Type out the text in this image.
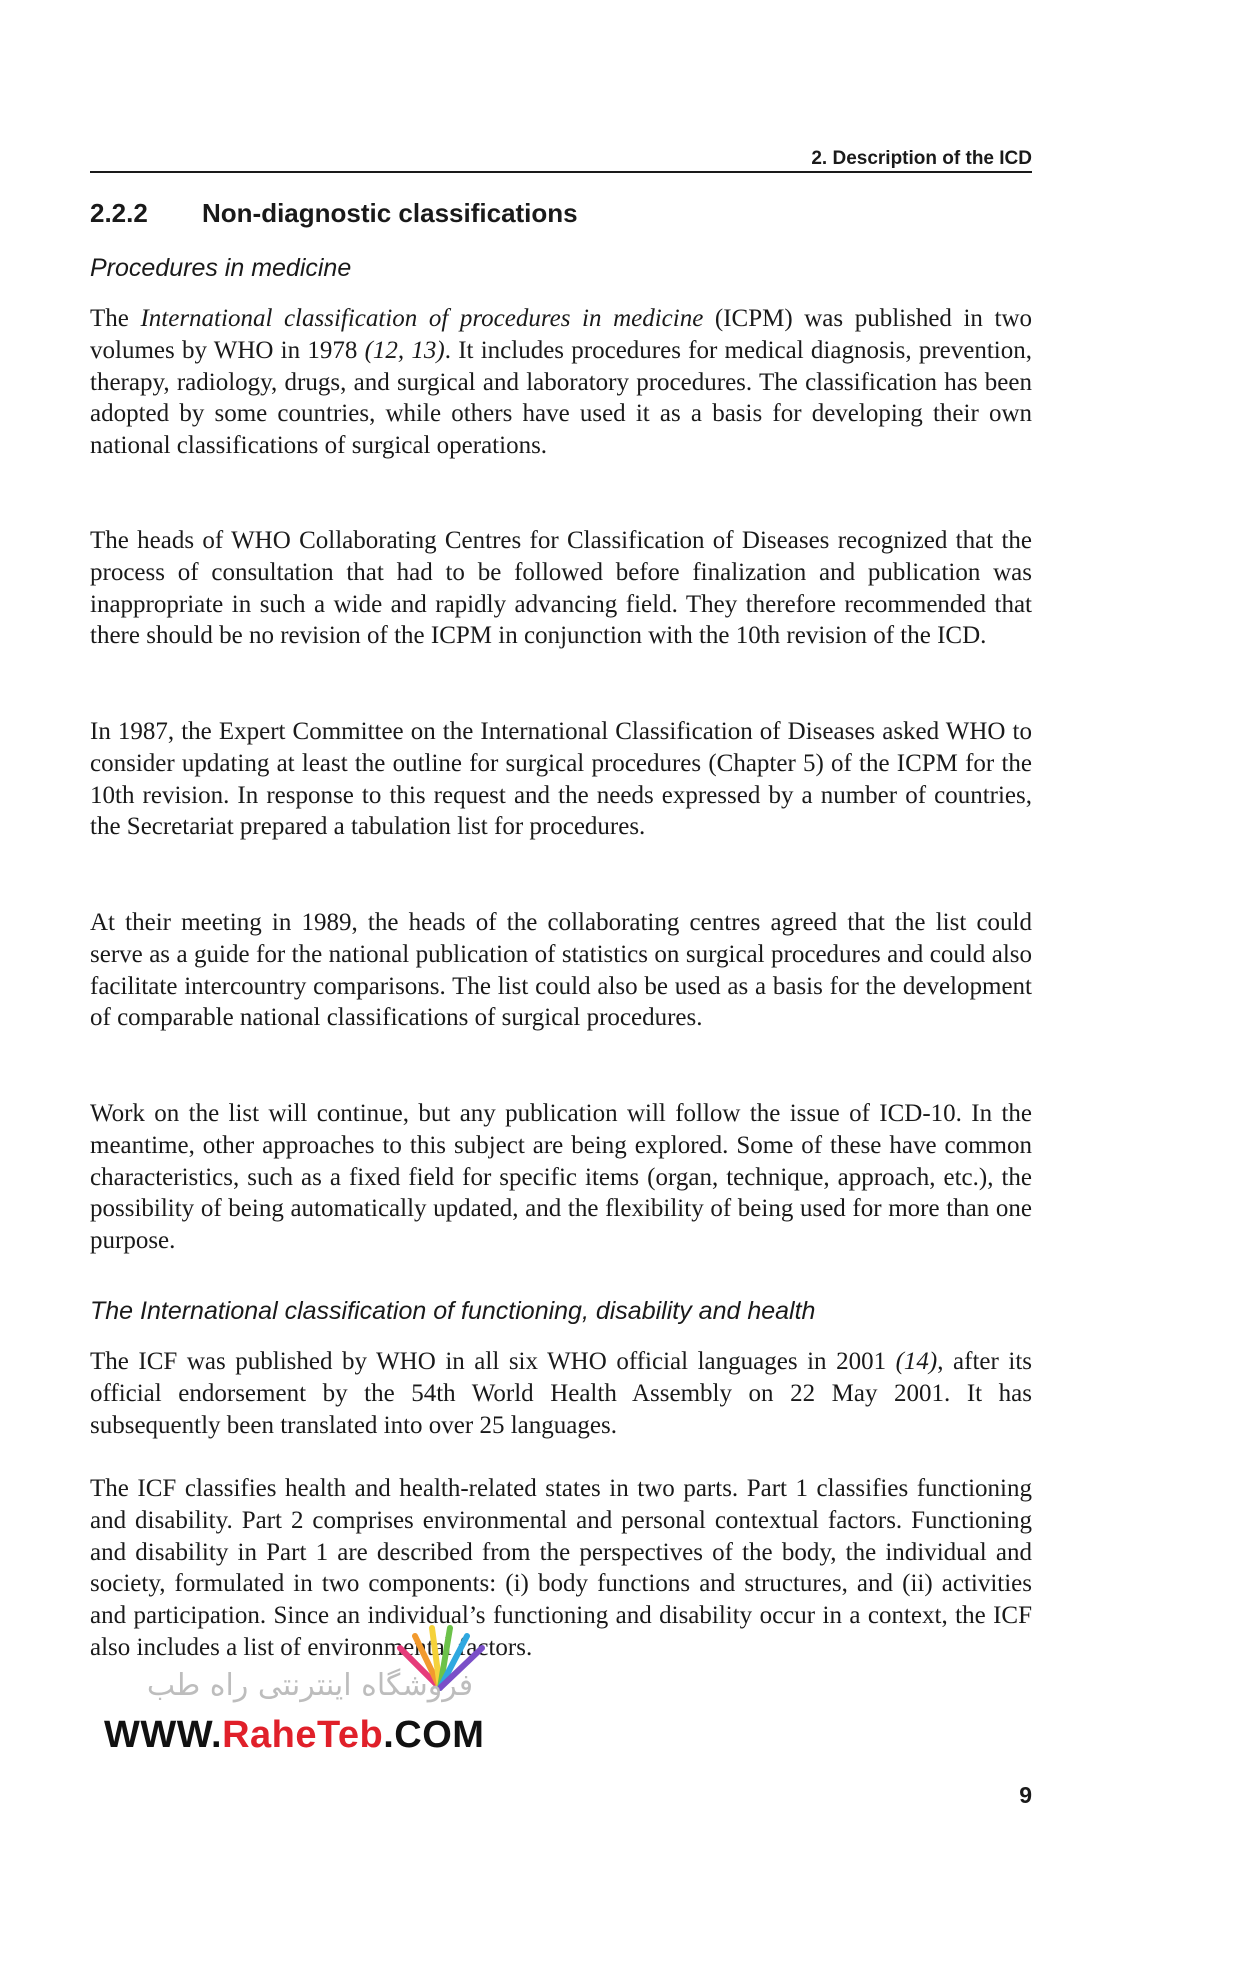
2. Description of the ICD
2.2.2 Non-diagnostic classifications
Procedures in medicine

The International classification of procedures in medicine (ICPM) was published in two volumes by WHO in 1978 (12, 13). It includes procedures for medical diagnosis, prevention, therapy, radiology, drugs, and surgical and laboratory procedures. The classification has been adopted by some countries, while others have used it as a basis for developing their own national classifications of surgical operations.

The heads of WHO Collaborating Centres for Classification of Diseases recognized that the process of consultation that had to be followed before finalization and publication was inappropriate in such a wide and rapidly advancing field. They therefore recommended that there should be no revision of the ICPM in conjunction with the 10th revision of the ICD.

In 1987, the Expert Committee on the International Classification of Diseases asked WHO to consider updating at least the outline for surgical procedures (Chapter 5) of the ICPM for the 10th revision. In response to this request and the needs expressed by a number of countries, the Secretariat prepared a tabulation list for procedures.

At their meeting in 1989, the heads of the collaborating centres agreed that the list could serve as a guide for the national publication of statistics on surgical procedures and could also facilitate intercountry comparisons. The list could also be used as a basis for the development of comparable national classifications of surgical procedures.

Work on the list will continue, but any publication will follow the issue of ICD-10. In the meantime, other approaches to this subject are being explored. Some of these have common characteristics, such as a fixed field for specific items (organ, technique, approach, etc.), the possibility of being automatically updated, and the flexibility of being used for more than one purpose.

The International classification of functioning, disability and health

The ICF was published by WHO in all six WHO official languages in 2001 (14), after its official endorsement by the 54th World Health Assembly on 22 May 2001. It has subsequently been translated into over 25 languages.

The ICF classifies health and health-related states in two parts. Part 1 classifies functioning and disability. Part 2 comprises environmental and personal contextual factors. Functioning and disability in Part 1 are described from the perspectives of the body, the individual and society, formulated in two components: (i) body functions and structures, and (ii) activities and participation. Since an individual’s functioning and disability occur in a context, the ICF also includes a list of environmental factors.

فروشگاه اینترنتی راه طب
WWW.RaheTeb.COM
9
